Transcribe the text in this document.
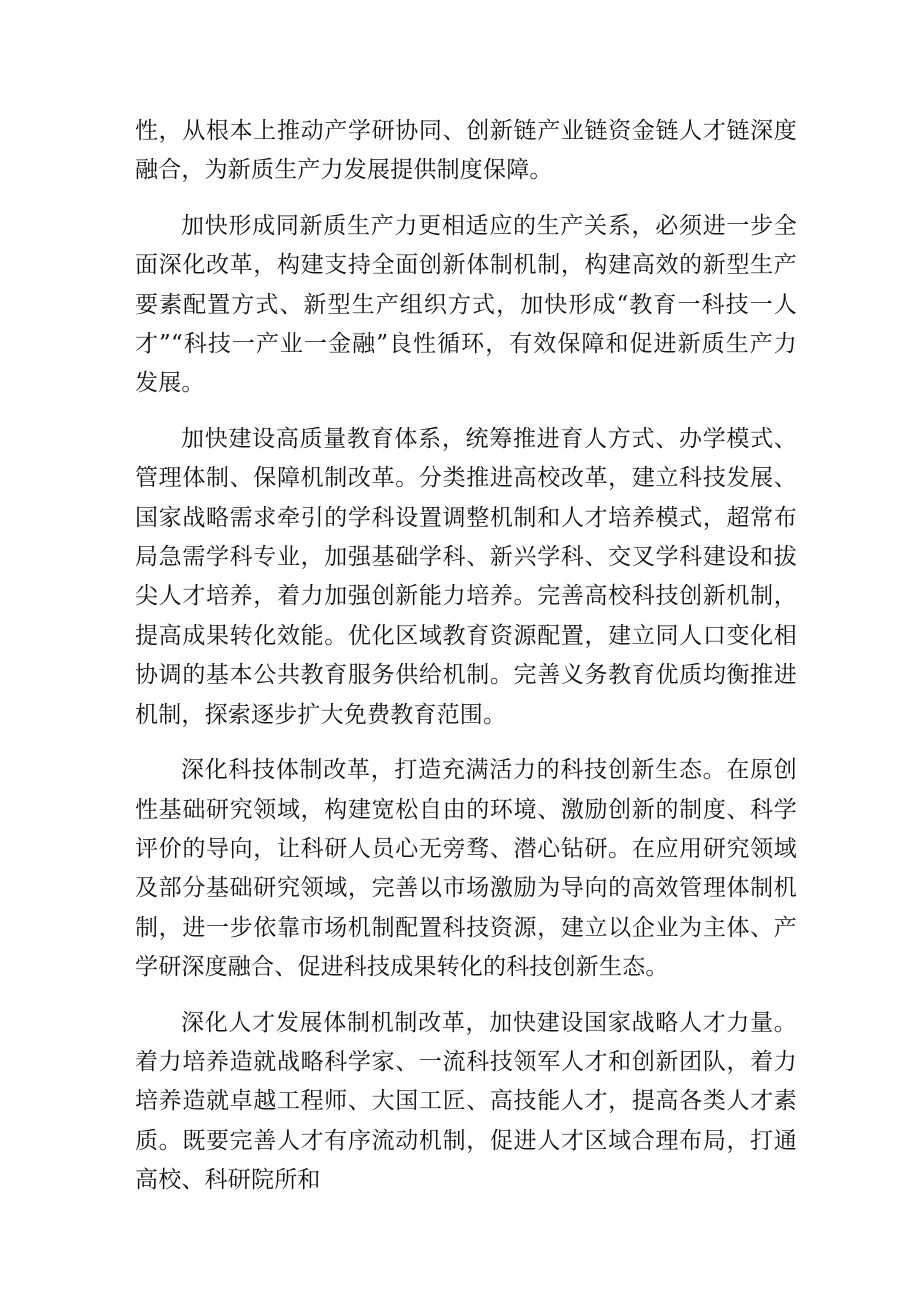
性，从根本上推动产学研协同、创新链产业链资金链人才链深度融合，为新质生产力发展提供制度保障。

加快形成同新质生产力更相适应的生产关系，必须进一步全面深化改革，构建支持全面创新体制机制，构建高效的新型生产要素配置方式、新型生产组织方式，加快形成“教育一科技一人才”“科技一产业一金融”良性循环，有效保障和促进新质生产力发展。

加快建设高质量教育体系，统筹推进育人方式、办学模式、管理体制、保障机制改革。分类推进高校改革，建立科技发展、国家战略需求牵引的学科设置调整机制和人才培养模式，超常布局急需学科专业，加强基础学科、新兴学科、交叉学科建设和拔尖人才培养，着力加强创新能力培养。完善高校科技创新机制，提高成果转化效能。优化区域教育资源配置，建立同人口变化相协调的基本公共教育服务供给机制。完善义务教育优质均衡推进机制，探索逐步扩大免费教育范围。

深化科技体制改革，打造充满活力的科技创新生态。在原创性基础研究领域，构建宽松自由的环境、激励创新的制度、科学评价的导向，让科研人员心无旁骛、潜心钻研。在应用研究领域及部分基础研究领域，完善以市场激励为导向的高效管理体制机制，进一步依靠市场机制配置科技资源，建立以企业为主体、产学研深度融合、促进科技成果转化的科技创新生态。

深化人才发展体制机制改革，加快建设国家战略人才力量。着力培养造就战略科学家、一流科技领军人才和创新团队，着力培养造就卓越工程师、大国工匠、高技能人才，提高各类人才素质。既要完善人才有序流动机制，促进人才区域合理布局，打通高校、科研院所和
